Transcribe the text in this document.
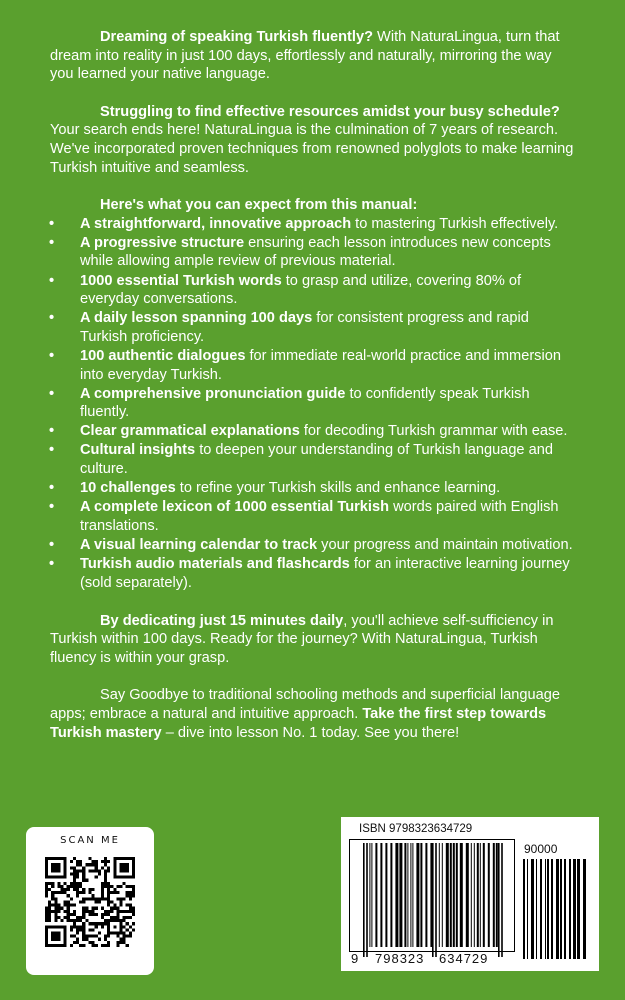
Dreaming of speaking Turkish fluently? With NaturaLingua, turn that dream into reality in just 100 days, effortlessly and naturally, mirroring the way you learned your native language.

Struggling to find effective resources amidst your busy schedule? Your search ends here! NaturaLingua is the culmination of 7 years of research. We've incorporated proven techniques from renowned polyglots to make learning Turkish intuitive and seamless.

Here's what you can expect from this manual:

• A straightforward, innovative approach to mastering Turkish effectively.
• A progressive structure ensuring each lesson introduces new concepts while allowing ample review of previous material.
• 1000 essential Turkish words to grasp and utilize, covering 80% of everyday conversations.
• A daily lesson spanning 100 days for consistent progress and rapid Turkish proficiency.
• 100 authentic dialogues for immediate real-world practice and immersion into everyday Turkish.
• A comprehensive pronunciation guide to confidently speak Turkish fluently.
• Clear grammatical explanations for decoding Turkish grammar with ease.
• Cultural insights to deepen your understanding of Turkish language and culture.
• 10 challenges to refine your Turkish skills and enhance learning.
• A complete lexicon of 1000 essential Turkish words paired with English translations.
• A visual learning calendar to track your progress and maintain motivation.
• Turkish audio materials and flashcards for an interactive learning journey (sold separately).

By dedicating just 15 minutes daily, you'll achieve self-sufficiency in Turkish within 100 days. Ready for the journey? With NaturaLingua, Turkish fluency is within your grasp.

Say Goodbye to traditional schooling methods and superficial language apps; embrace a natural and intuitive approach. Take the first step towards Turkish mastery – dive into lesson No. 1 today. See you there!

SCAN ME
ISBN 9798323634729
90000
9 798323 634729
